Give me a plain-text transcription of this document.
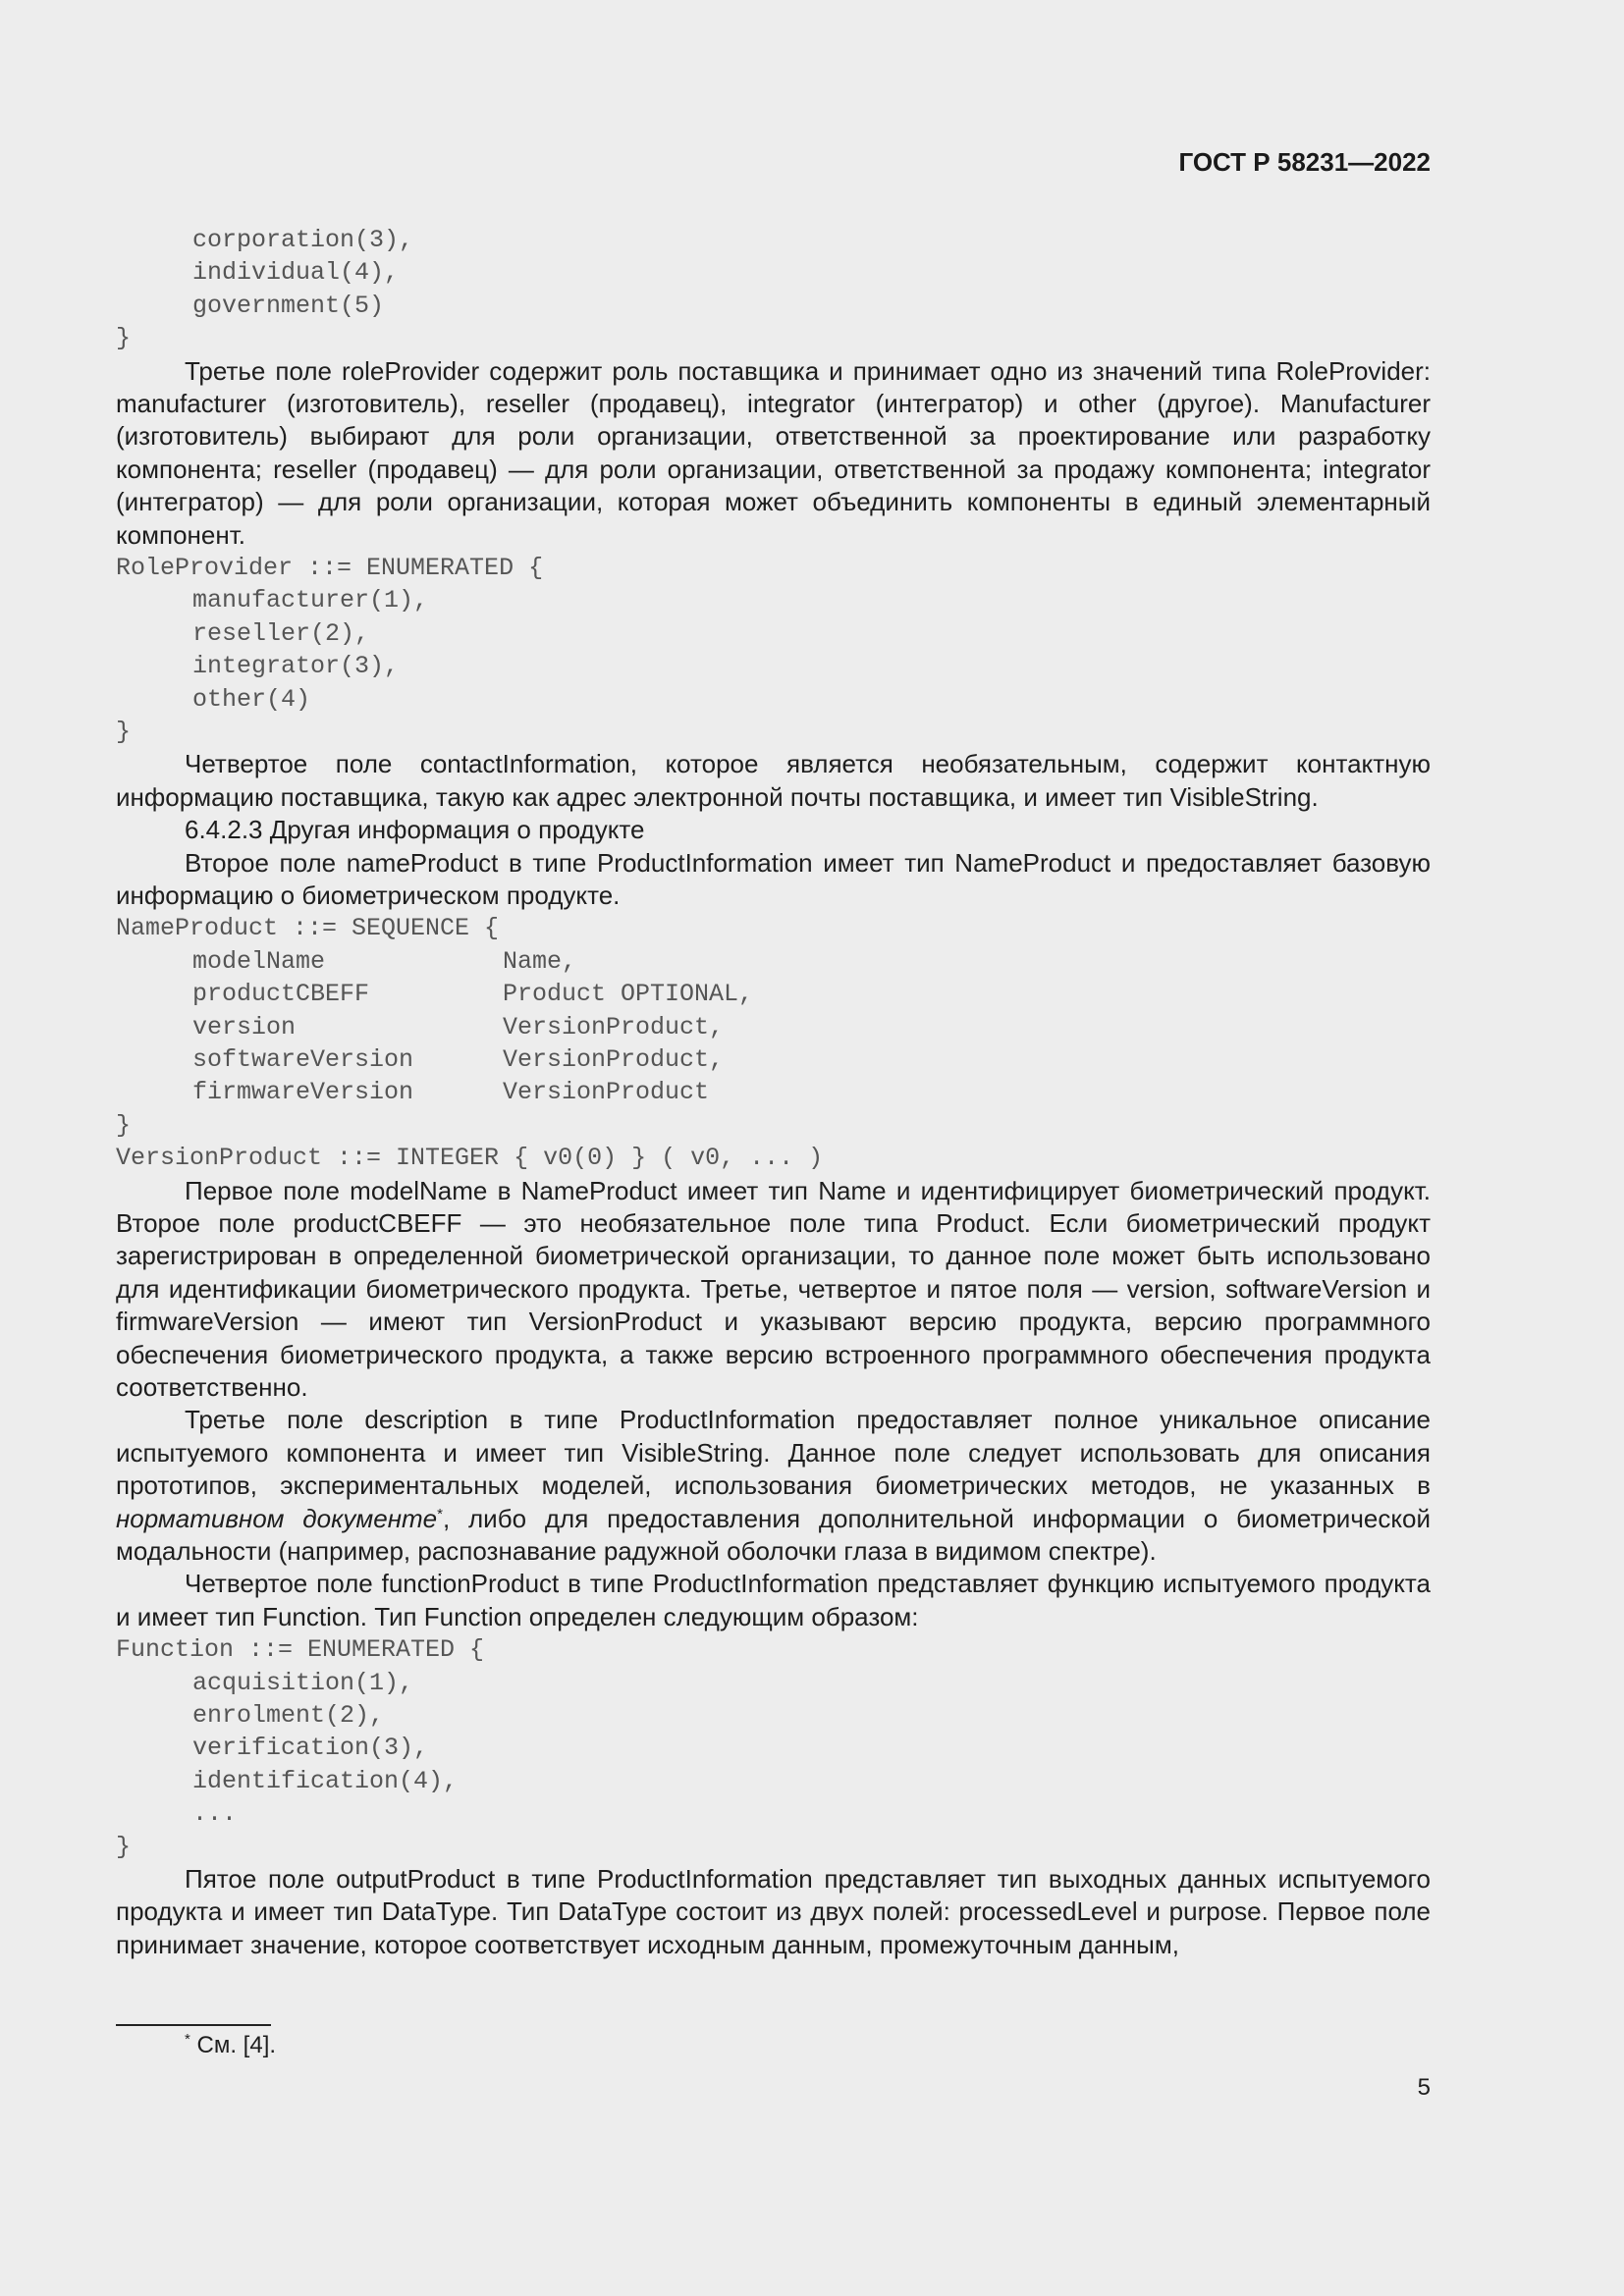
ГОСТ Р 58231—2022
corporation(3),
individual(4),
government(5)
}

Третье поле roleProvider содержит роль поставщика и принимает одно из значений типа RoleProvider: manufacturer (изготовитель), reseller (продавец), integrator (интегратор) и other (другое). Manufacturer (изготовитель) выбирают для роли организации, ответственной за проектирование или разработку компонента; reseller (продавец) — для роли организации, ответственной за продажу компонента; integrator (интегратор) — для роли организации, которая может объединить компоненты в единый элементарный компонент.

RoleProvider ::= ENUMERATED {
manufacturer(1),
reseller(2),
integrator(3),
other(4)
}

Четвертое поле contactInformation, которое является необязательным, содержит контактную информацию поставщика, такую как адрес электронной почты поставщика, и имеет тип VisibleString.

6.4.2.3 Другая информация о продукте

Второе поле nameProduct в типе ProductInformation имеет тип NameProduct и предоставляет базовую информацию о биометрическом продукте.

NameProduct ::= SEQUENCE {
modelName	Name,
productCBEFF	Product OPTIONAL,
version	VersionProduct,
softwareVersion	VersionProduct,
firmwareVersion	VersionProduct
}
VersionProduct ::= INTEGER { v0(0) } ( v0, ... )

Первое поле modelName в NameProduct имеет тип Name и идентифицирует биометрический продукт. Второе поле productCBEFF — это необязательное поле типа Product. Если биометрический продукт зарегистрирован в определенной биометрической организации, то данное поле может быть использовано для идентификации биометрического продукта. Третье, четвертое и пятое поля — version, softwareVersion и firmwareVersion — имеют тип VersionProduct и указывают версию продукта, версию программного обеспечения биометрического продукта, а также версию встроенного программного обеспечения продукта соответственно.

Третье поле description в типе ProductInformation предоставляет полное уникальное описание испытуемого компонента и имеет тип VisibleString. Данное поле следует использовать для описания прототипов, экспериментальных моделей, использования биометрических методов, не указанных в нормативном документе*, либо для предоставления дополнительной информации о биометрической модальности (например, распознавание радужной оболочки глаза в видимом спектре).

Четвертое поле functionProduct в типе ProductInformation представляет функцию испытуемого продукта и имеет тип Function. Тип Function определен следующим образом:

Function ::= ENUMERATED {
acquisition(1),
enrolment(2),
verification(3),
identification(4),
...
}

Пятое поле outputProduct в типе ProductInformation представляет тип выходных данных испытуемого продукта и имеет тип DataType. Тип DataType состоит из двух полей: processedLevel и purpose. Первое поле принимает значение, которое соответствует исходным данным, промежуточным данным,

* См. [4].
5
